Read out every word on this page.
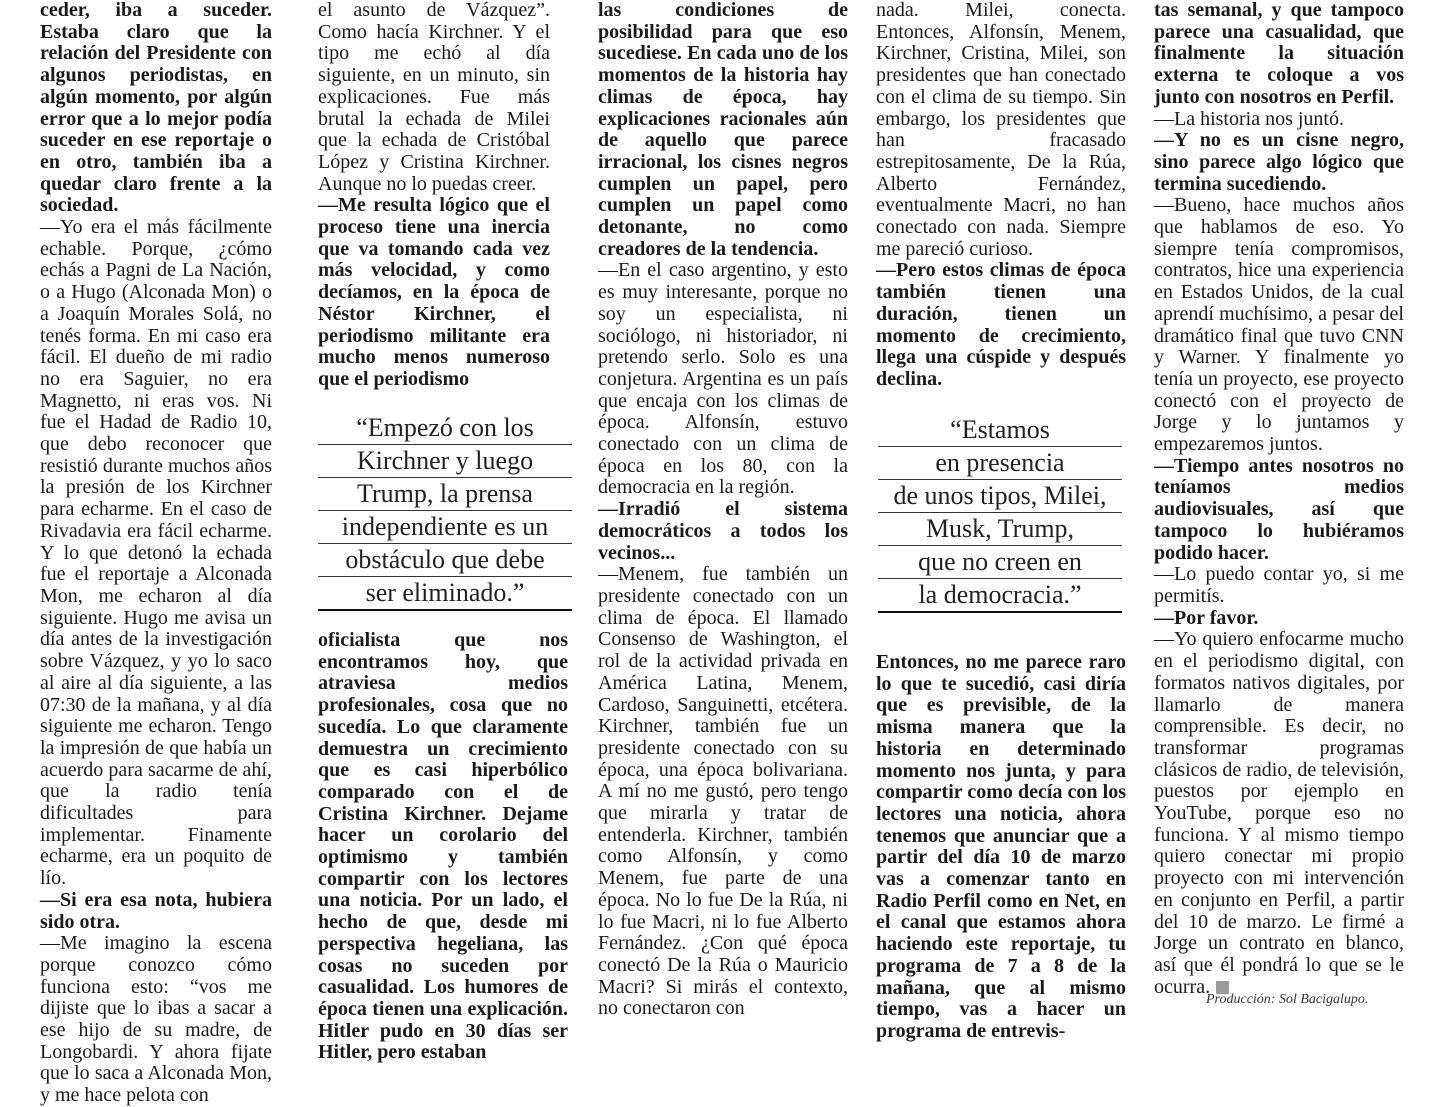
ceder, iba a suceder. Estaba claro que la relación del Presidente con algunos periodistas, en algún momento, por algún error que a lo mejor podía suceder en ese reportaje o en otro, también iba a quedar claro frente a la sociedad.

—Yo era el más fácilmente echable. Porque, ¿cómo echás a Pagni de La Nación, o a Hugo (Alconada Mon) o a Joaquín Morales Solá, no tenés forma. En mi caso era fácil. El dueño de mi radio no era Saguier, no era Magnetto, ni eras vos. Ni fue el Hadad de Radio 10, que debo reconocer que resistió durante muchos años la presión de los Kirchner para echarme. En el caso de Rivadavia era fácil echarme. Y lo que detonó la echada fue el reportaje a Alconada Mon, me echaron al día siguiente. Hugo me avisa un día antes de la investigación sobre Vázquez, y yo lo saco al aire al día siguiente, a las 07:30 de la mañana, y al día siguiente me echaron. Tengo la impresión de que había un acuerdo para sacarme de ahí, que la radio tenía dificultades para implementar. Finamente echarme, era un poquito de lío.

—Si era esa nota, hubiera sido otra.

—Me imagino la escena porque conozco cómo funciona esto: “vos me dijiste que lo ibas a sacar a ese hijo de su madre, de Longobardi. Y ahora fijate que lo saca a Alconada Mon, y me hace pelota con

el asunto de Vázquez”. Como hacía Kirchner. Y el tipo me echó al día siguiente, en un minuto, sin explicaciones. Fue más brutal la echada de Milei que la echada de Cristóbal López y Cristina Kirchner. Aunque no lo puedas creer.

—Me resulta lógico que el proceso tiene una inercia que va tomando cada vez más velocidad, y como decíamos, en la época de Néstor Kirchner, el periodismo militante era mucho menos numeroso que el periodismo

“Empezó con los
Kirchner y luego
Trump, la prensa
independiente es un
obstáculo que debe
ser eliminado.”

oficialista que nos encontramos hoy, que atraviesa medios profesionales, cosa que no sucedía. Lo que claramente demuestra un crecimiento que es casi hiperbólico comparado con el de Cristina Kirchner. Dejame hacer un corolario del optimismo y también compartir con los lectores una noticia. Por un lado, el hecho de que, desde mi perspectiva hegeliana, las cosas no suceden por casualidad. Los humores de época tienen una explicación. Hitler pudo en 30 días ser Hitler, pero estaban

las condiciones de posibilidad para que eso sucediese. En cada uno de los momentos de la historia hay climas de época, hay explicaciones racionales aún de aquello que parece irracional, los cisnes negros cumplen un papel, pero cumplen un papel como detonante, no como creadores de la tendencia.

—En el caso argentino, y esto es muy interesante, porque no soy un especialista, ni sociólogo, ni historiador, ni pretendo serlo. Solo es una conjetura. Argentina es un país que encaja con los climas de época. Alfonsín, estuvo conectado con un clima de época en los 80, con la democracia en la región.

—Irradió el sistema democráticos a todos los vecinos...

—Menem, fue también un presidente conectado con un clima de época. El llamado Consenso de Washington, el rol de la actividad privada en América Latina, Menem, Cardoso, Sanguinetti, etcétera. Kirchner, también fue un presidente conectado con su época, una época bolivariana. A mí no me gustó, pero tengo que mirarla y tratar de entenderla. Kirchner, también como Alfonsín, y como Menem, fue parte de una época. No lo fue De la Rúa, ni lo fue Macri, ni lo fue Alberto Fernández. ¿Con qué época conectó De la Rúa o Mauricio Macri? Si mirás el contexto, no conectaron con

nada. Milei, conecta. Entonces, Alfonsín, Menem, Kirchner, Cristina, Milei, son presidentes que han conectado con el clima de su tiempo. Sin embargo, los presidentes que han fracasado estrepitosamente, De la Rúa, Alberto Fernández, eventualmente Macri, no han conectado con nada. Siempre me pareció curioso.

—Pero estos climas de época también tienen una duración, tienen un momento de crecimiento, llega una cúspide y después declina.

“Estamos
en presencia
de unos tipos, Milei,
Musk, Trump,
que no creen en
la democracia.”

Entonces, no me parece raro lo que te sucedió, casi diría que es previsible, de la misma manera que la historia en determinado momento nos junta, y para compartir como decía con los lectores una noticia, ahora tenemos que anunciar que a partir del día 10 de marzo vas a comenzar tanto en Radio Perfil como en Net, en el canal que estamos ahora haciendo este reportaje, tu programa de 7 a 8 de la mañana, que al mismo tiempo, vas a hacer un programa de entrevis-

tas semanal, y que tampoco parece una casualidad, que finalmente la situación externa te coloque a vos junto con nosotros en Perfil.

—La historia nos juntó.

—Y no es un cisne negro, sino parece algo lógico que termina sucediendo.

—Bueno, hace muchos años que hablamos de eso. Yo siempre tenía compromisos, contratos, hice una experiencia en Estados Unidos, de la cual aprendí muchísimo, a pesar del dramático final que tuvo CNN y Warner. Y finalmente yo tenía un proyecto, ese proyecto conectó con el proyecto de Jorge y lo juntamos y empezaremos juntos.

—Tiempo antes nosotros no teníamos medios audiovisuales, así que tampoco lo hubiéramos podido hacer.

—Lo puedo contar yo, si me permitís.

—Por favor.

—Yo quiero enfocarme mucho en el periodismo digital, con formatos nativos digitales, por llamarlo de manera comprensible. Es decir, no transformar programas clásicos de radio, de televisión, puestos por ejemplo en YouTube, porque eso no funciona. Y al mismo tiempo quiero conectar mi propio proyecto con mi intervención en conjunto en Perfil, a partir del 10 de marzo. Le firmé a Jorge un contrato en blanco, así que él pondrá lo que se le ocurra.

Producción: Sol Bacigalupo.
